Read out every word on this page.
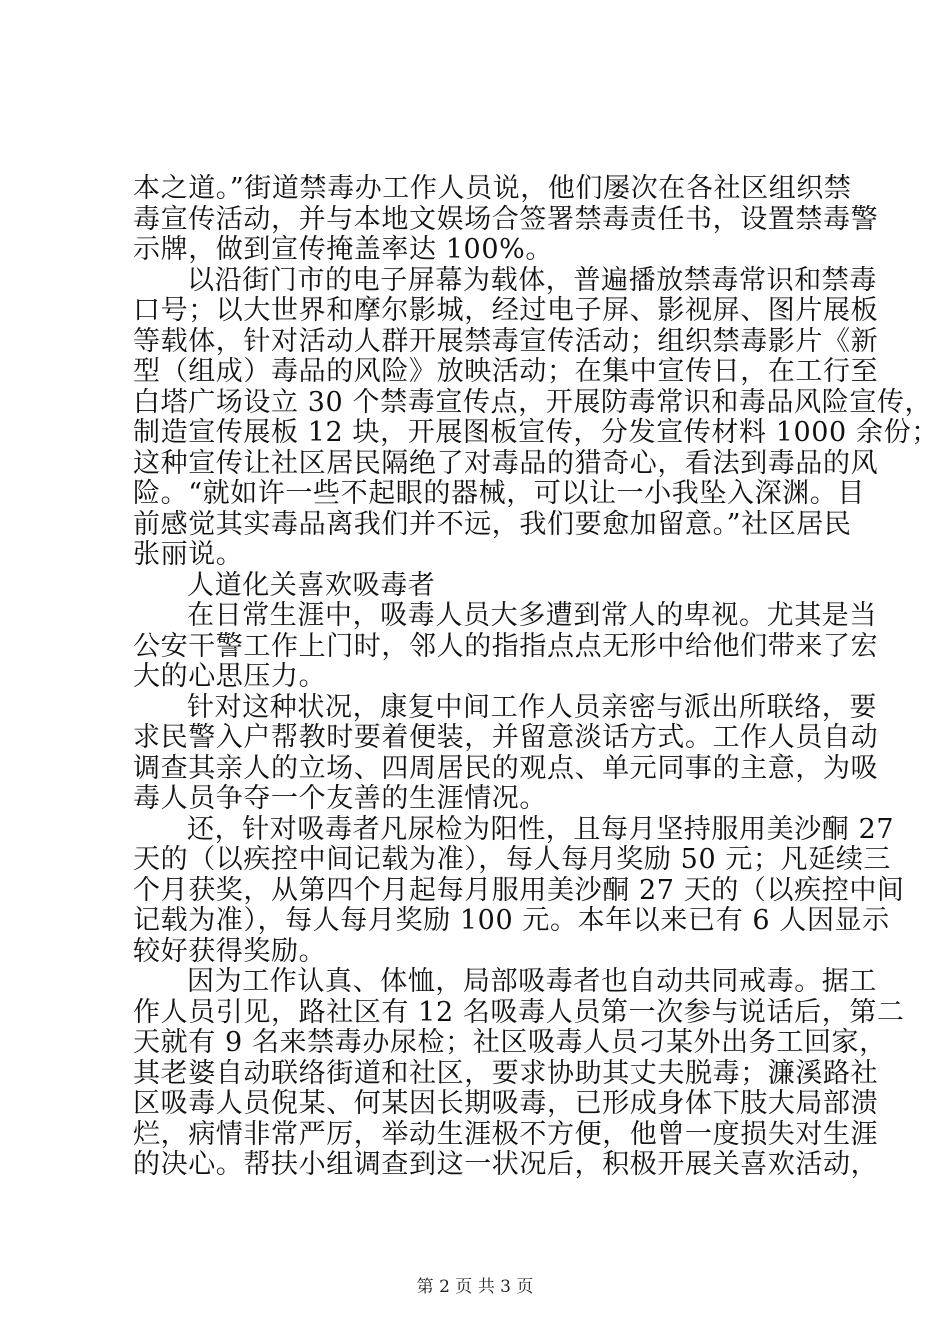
本之道。”街道禁毒办工作人员说，他们屡次在各社区组织禁
毒宣传活动，并与本地文娱场合签署禁毒责任书，设置禁毒警
示牌，做到宣传掩盖率达 100%。
以沿街门市的电子屏幕为载体，普遍播放禁毒常识和禁毒
口号；以大世界和摩尔影城，经过电子屏、影视屏、图片展板
等载体，针对活动人群开展禁毒宣传活动；组织禁毒影片《新
型（组成）毒品的风险》放映活动；在集中宣传日，在工行至
白塔广场设立 30 个禁毒宣传点，开展防毒常识和毒品风险宣传，
制造宣传展板 12 块，开展图板宣传，分发宣传材料 1000 余份；
这种宣传让社区居民隔绝了对毒品的猎奇心，看法到毒品的风
险。“就如许一些不起眼的器械，可以让一小我坠入深渊。目
前感觉其实毒品离我们并不远，我们要愈加留意。”社区居民
张丽说。
人道化关喜欢吸毒者
在日常生涯中，吸毒人员大多遭到常人的卑视。尤其是当
公安干警工作上门时，邻人的指指点点无形中给他们带来了宏
大的心思压力。
针对这种状况，康复中间工作人员亲密与派出所联络，要
求民警入户帮教时要着便装，并留意淡话方式。工作人员自动
调查其亲人的立场、四周居民的观点、单元同事的主意，为吸
毒人员争夺一个友善的生涯情况。
还，针对吸毒者凡尿检为阳性，且每月坚持服用美沙酮 27
天的（以疾控中间记载为准），每人每月奖励 50 元；凡延续三
个月获奖，从第四个月起每月服用美沙酮 27 天的（以疾控中间
记载为准），每人每月奖励 100 元。本年以来已有 6 人因显示
较好获得奖励。
因为工作认真、体恤，局部吸毒者也自动共同戒毒。据工
作人员引见，路社区有 12 名吸毒人员第一次参与说话后，第二
天就有 9 名来禁毒办尿检；社区吸毒人员刁某外出务工回家，
其老婆自动联络街道和社区，要求协助其丈夫脱毒；濂溪路社
区吸毒人员倪某、何某因长期吸毒，已形成身体下肢大局部溃
烂，病情非常严厉，举动生涯极不方便，他曾一度损失对生涯
的决心。帮扶小组调查到这一状况后，积极开展关喜欢活动，
第 2 页 共 3 页
